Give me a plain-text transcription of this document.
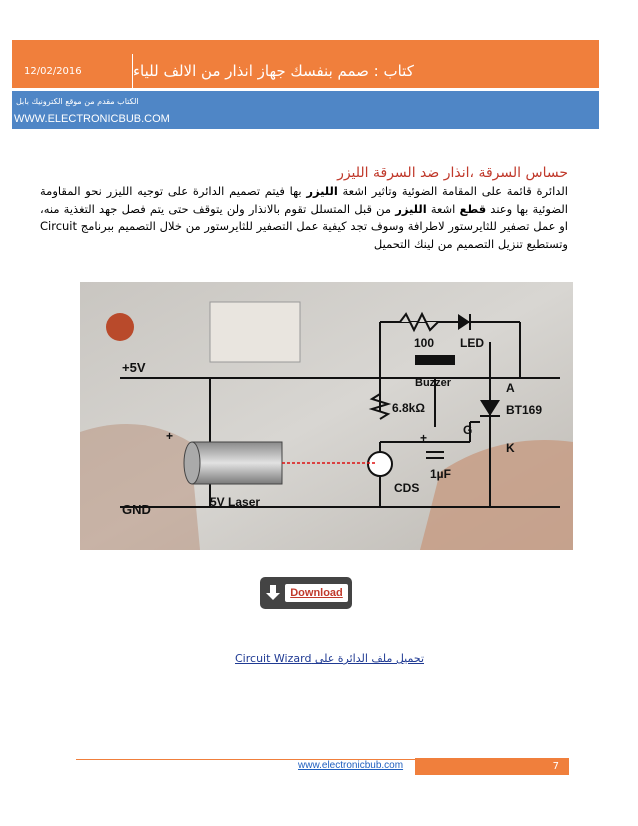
12/02/2016	كتاب : صمم بنفسك جهاز انذار من الالف للياء
الكتاب مقدم من موقع الكترونيك بابل
WWW.ELECTRONICBUB.COM
حساس السرقة ،انذار ضد السرقة الليزر
الدائرة قائمة على المقامة الضوئية وتاثير اشعة الليزر بها فيتم تصميم الدائرة على توجيه الليزر نحو المقاومة الضوئية بها وعند قطع اشعة الليزر من قبل المتسلل تقوم بالانذار ولن يتوقف حتى يتم فصل جهد التغذية منه، او عمل تصفير للثايرستور لاطرافة وسوف تجد كيفية عمل التصفير للثايرستور من خلال التصميم ببرنامج Circuit وتستطيع تنزيل التصميم من لينك التحميل
+5V
GND	5V Laser
100 LED
Buzzer
6.8kΩ
CDS
1µF
A
G
K
BT169
+	+
Download
تحميل ملف الدائرة على Circuit Wizard
www.electronicbub.com	7
